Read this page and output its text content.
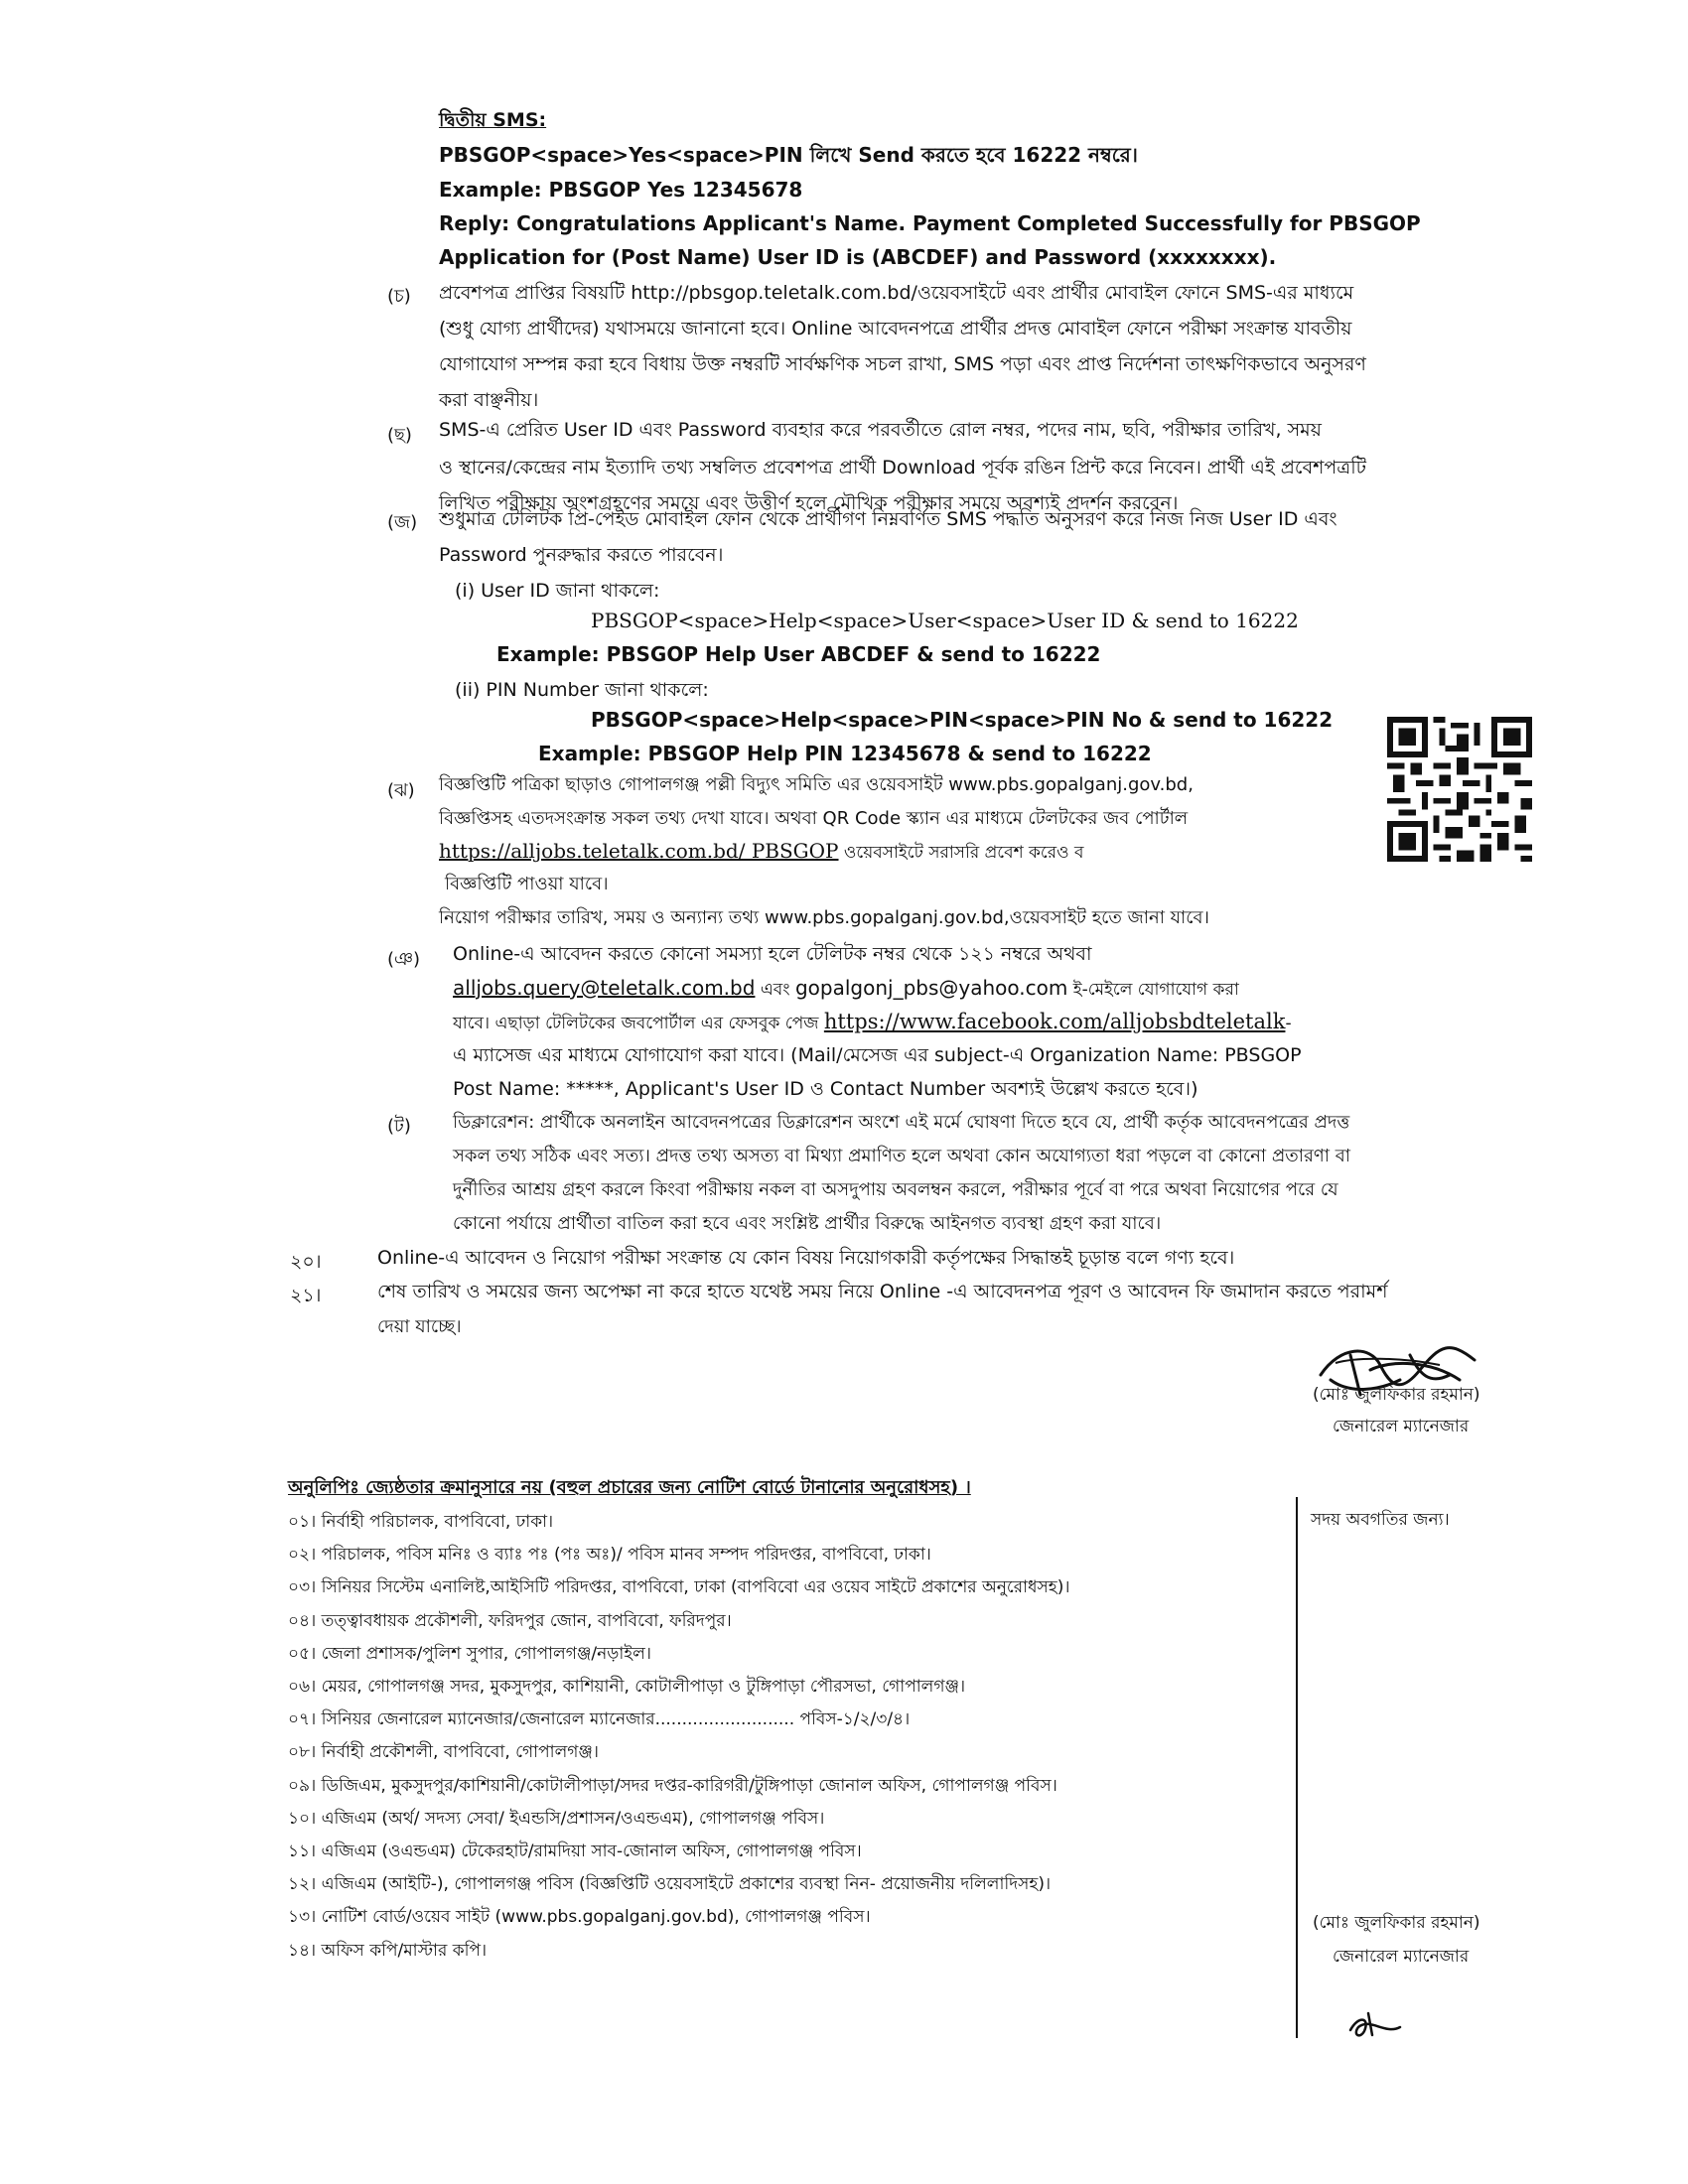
দ্বিতীয় SMS:
PBSGOP<space>Yes<space>PIN লিখে Send করতে হবে 16222 নম্বরে।
Example: PBSGOP Yes 12345678
Reply: Congratulations Applicant's Name. Payment Completed Successfully for PBSGOP
Application for (Post Name) User ID is (ABCDEF) and Password (xxxxxxxx).
(চ) প্রবেশপত্র প্রাপ্তির বিষয়টি http://pbsgop.teletalk.com.bd/ওয়েবসাইটে এবং প্রার্থীর মোবাইল ফোনে SMS-এর মাধ্যমে
(শুধু যোগ্য প্রার্থীদের) যথাসময়ে জানানো হবে। Online আবেদনপত্রে প্রার্থীর প্রদত্ত মোবাইল ফোনে পরীক্ষা সংক্রান্ত যাবতীয়
যোগাযোগ সম্পন্ন করা হবে বিধায় উক্ত নম্বরটি সার্বক্ষণিক সচল রাখা, SMS পড়া এবং প্রাপ্ত নির্দেশনা তাৎক্ষণিকভাবে অনুসরণ
করা বাঞ্ছনীয়।
(ছ) SMS-এ প্রেরিত User ID এবং Password ব্যবহার করে পরবর্তীতে রোল নম্বর, পদের নাম, ছবি, পরীক্ষার তারিখ, সময়
ও স্থানের/কেন্দ্রের নাম ইত্যাদি তথ্য সম্বলিত প্রবেশপত্র প্রার্থী Download পূর্বক রঙিন প্রিন্ট করে নিবেন। প্রার্থী এই প্রবেশপত্রটি
লিখিত পরীক্ষায় অংশগ্রহণের সময়ে এবং উত্তীর্ণ হলে মৌখিক পরীক্ষার সময়ে অবশ্যই প্রদর্শন করবেন।
(জ) শুধুমাত্র টেলিটক প্রি-পেইড মোবাইল ফোন থেকে প্রার্থীগণ নিম্নবর্ণিত SMS পদ্ধতি অনুসরণ করে নিজ নিজ User ID এবং
Password পুনরুদ্ধার করতে পারবেন।
(i) User ID জানা থাকলে:
PBSGOP<space>Help<space>User<space>User ID & send to 16222
Example: PBSGOP Help User ABCDEF & send to 16222
(ii) PIN Number জানা থাকলে:
PBSGOP<space>Help<space>PIN<space>PIN No & send to 16222
Example: PBSGOP Help PIN 12345678 & send to 16222
(ঝ) বিজ্ঞপ্তিটি পত্রিকা ছাড়াও গোপালগঞ্জ পল্লী বিদ্যুৎ সমিতি এর ওয়েবসাইট www.pbs.gopalganj.gov.bd,
বিজ্ঞপ্তিসহ এতদসংক্রান্ত সকল তথ্য দেখা যাবে। অথবা QR Code স্ক্যান এর মাধ্যমে টেলটকের জব পোর্টাল
https://alljobs.teletalk.com.bd/ PBSGOP ওয়েবসাইটে সরাসরি প্রবেশ করেও ব
বিজ্ঞপ্তিটি পাওয়া যাবে।
নিয়োগ পরীক্ষার তারিখ, সময় ও অন্যান্য তথ্য www.pbs.gopalganj.gov.bd,ওয়েবসাইট হতে জানা যাবে।
(ঞ) Online-এ আবেদন করতে কোনো সমস্যা হলে টেলিটক নম্বর থেকে ১২১ নম্বরে অথবা
alljobs.query@teletalk.com.bd এবং gopalgonj_pbs@yahoo.com ই-মেইলে যোগাযোগ করা
যাবে। এছাড়া টেলিটকের জবপোর্টাল এর ফেসবুক পেজ https://www.facebook.com/alljobsbdteletalk-
এ ম্যাসেজ এর মাধ্যমে যোগাযোগ করা যাবে। (Mail/মেসেজ এর subject-এ Organization Name: PBSGOP
Post Name: *****, Applicant's User ID ও Contact Number অবশ্যই উল্লেখ করতে হবে।)
(ট) ডিক্লারেশন: প্রার্থীকে অনলাইন আবেদনপত্রের ডিক্লারেশন অংশে এই মর্মে ঘোষণা দিতে হবে যে, প্রার্থী কর্তৃক আবেদনপত্রের প্রদত্ত
সকল তথ্য সঠিক এবং সত্য। প্রদত্ত তথ্য অসত্য বা মিথ্যা প্রমাণিত হলে অথবা কোন অযোগ্যতা ধরা পড়লে বা কোনো প্রতারণা বা
দুর্নীতির আশ্রয় গ্রহণ করলে কিংবা পরীক্ষায় নকল বা অসদুপায় অবলম্বন করলে, পরীক্ষার পূর্বে বা পরে অথবা নিয়োগের পরে যে
কোনো পর্যায়ে প্রার্থীতা বাতিল করা হবে এবং সংশ্লিষ্ট প্রার্থীর বিরুদ্ধে আইনগত ব্যবস্থা গ্রহণ করা যাবে।
২০।	Online-এ আবেদন ও নিয়োগ পরীক্ষা সংক্রান্ত যে কোন বিষয় নিয়োগকারী কর্তৃপক্ষের সিদ্ধান্তই চূড়ান্ত বলে গণ্য হবে।
২১।	শেষ তারিখ ও সময়ের জন্য অপেক্ষা না করে হাতে যথেষ্ট সময় নিয়ে Online -এ আবেদনপত্র পূরণ ও আবেদন ফি জমাদান করতে পরামর্শ
দেয়া যাচ্ছে।
(মোঃ জুলফিকার রহমান)
জেনারেল ম্যানেজার
অনুলিপিঃ জ্যেষ্ঠতার ক্রমানুসারে নয় (বহুল প্রচারের জন্য নোটিশ বোর্ডে টানানোর অনুরোধসহ) ।
সদয় অবগতির জন্য।
০১। নির্বাহী পরিচালক, বাপবিবো, ঢাকা।
০২। পরিচালক, পবিস মনিঃ ও ব্যাঃ পঃ (পঃ অঃ)/ পবিস মানব সম্পদ পরিদপ্তর, বাপবিবো, ঢাকা।
০৩। সিনিয়র সিস্টেম এনালিষ্ট,আইসিটি পরিদপ্তর, বাপবিবো, ঢাকা (বাপবিবো এর ওয়েব সাইটে প্রকাশের অনুরোধসহ)।
০৪। তত্ত্বাবধায়ক প্রকৌশলী, ফরিদপুর জোন, বাপবিবো, ফরিদপুর।
০৫। জেলা প্রশাসক/পুলিশ সুপার, গোপালগঞ্জ/নড়াইল।
০৬। মেয়র, গোপালগঞ্জ সদর, মুকসুদপুর, কাশিয়ানী, কোটালীপাড়া ও টুঙ্গিপাড়া পৌরসভা, গোপালগঞ্জ।
০৭। সিনিয়র জেনারেল ম্যানেজার/জেনারেল ম্যানেজার.......................... পবিস-১/২/৩/৪।
০৮। নির্বাহী প্রকৌশলী, বাপবিবো, গোপালগঞ্জ।
০৯। ডিজিএম, মুকসুদপুর/কাশিয়ানী/কোটালীপাড়া/সদর দপ্তর-কারিগরী/টুঙ্গিপাড়া জোনাল অফিস, গোপালগঞ্জ পবিস।
১০। এজিএম (অর্থ/ সদস্য সেবা/ ইএন্ডসি/প্রশাসন/ওএন্ডএম), গোপালগঞ্জ পবিস।
১১। এজিএম (ওএন্ডএম) টেকেরহাট/রামদিয়া সাব-জোনাল অফিস, গোপালগঞ্জ পবিস।
১২। এজিএম (আইটি-), গোপালগঞ্জ পবিস (বিজ্ঞপ্তিটি ওয়েবসাইটে প্রকাশের ব্যবস্থা নিন- প্রয়োজনীয় দলিলাদিসহ)।
১৩। নোটিশ বোর্ড/ওয়েব সাইট (www.pbs.gopalganj.gov.bd), গোপালগঞ্জ পবিস।
১৪। অফিস কপি/মাস্টার কপি।
(মোঃ জুলফিকার রহমান)
জেনারেল ম্যানেজার
